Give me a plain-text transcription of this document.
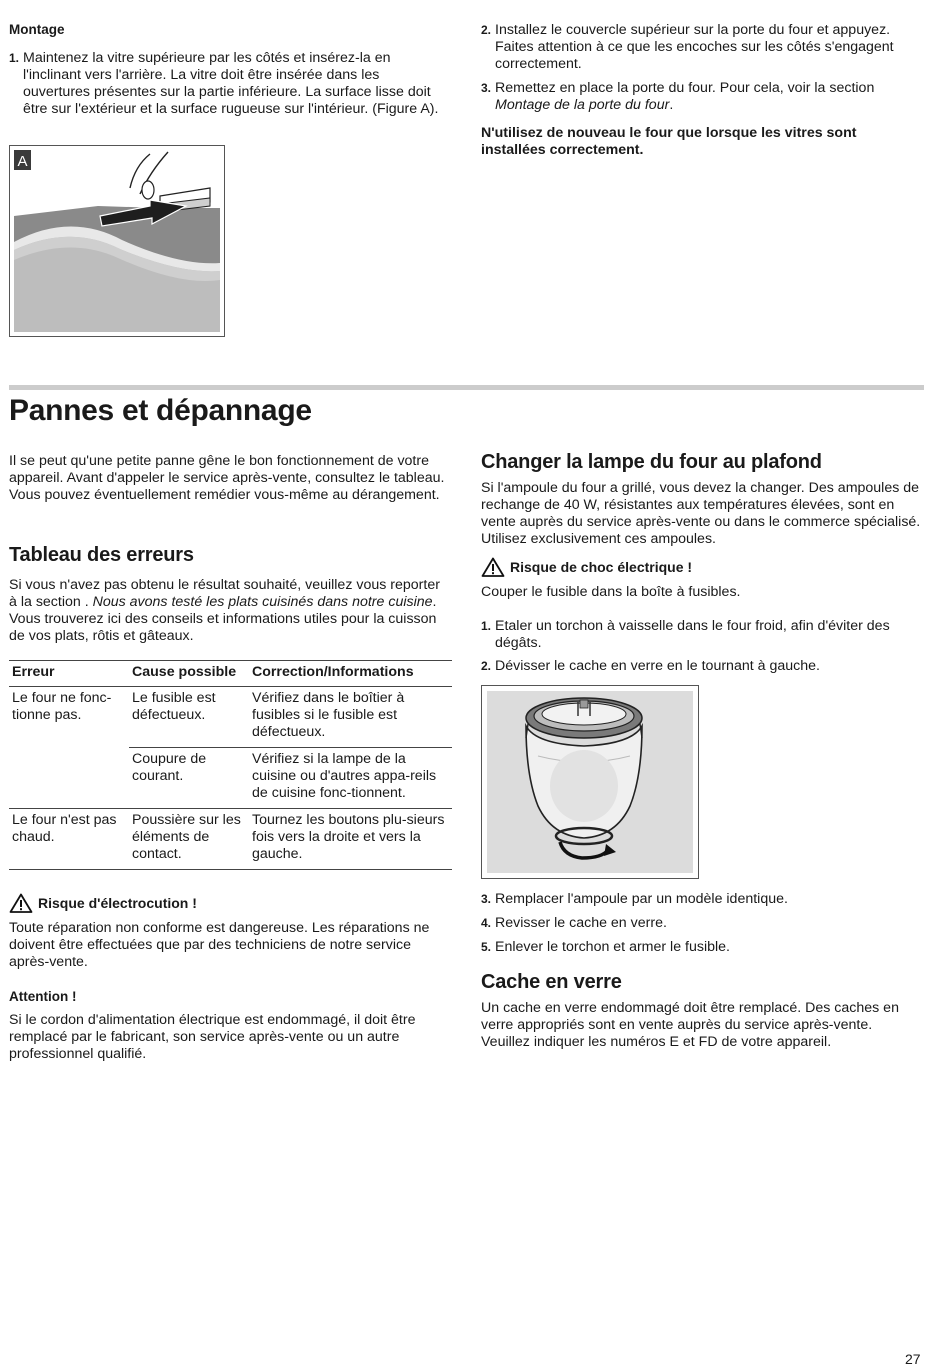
Montage
1. Maintenez la vitre supérieure par les côtés et insérez-la en l'inclinant vers l'arrière. La vitre doit être insérée dans les ouvertures présentes sur la partie inférieure. La surface lisse doit être sur l'extérieur et la surface rugueuse sur l'intérieur. (Figure A).
A
2. Installez le couvercle supérieur sur la porte du four et appuyez. Faites attention à ce que les encoches sur les côtés s'engagent correctement.
3. Remettez en place la porte du four. Pour cela, voir la section Montage de la porte du four.

N'utilisez de nouveau le four que lorsque les vitres sont installées correctement.

Pannes et dépannage

Il se peut qu'une petite panne gêne le bon fonctionnement de votre appareil. Avant d'appeler le service après-vente, consultez le tableau. Vous pouvez éventuellement remédier vous-même au dérangement.

Tableau des erreurs

Si vous n'avez pas obtenu le résultat souhaité, veuillez vous reporter à la section . Nous avons testé les plats cuisinés dans notre cuisine. Vous trouverez ici des conseils et informations utiles pour la cuisson de vos plats, rôtis et gâteaux.

Erreur	Cause possible	Correction/Informations
Le four ne fonc-tionne pas.	Le fusible est défectueux.	Vérifiez dans le boîtier à fusibles si le fusible est défectueux.
	Coupure de courant.	Vérifiez si la lampe de la cuisine ou d'autres appa-reils de cuisine fonc-tionnent.
Le four n'est pas chaud.	Poussière sur les éléments de contact.	Tournez les boutons plu-sieurs fois vers la droite et vers la gauche.
Risque d'électrocution !

Toute réparation non conforme est dangereuse. Les réparations ne doivent être effectuées que par des techniciens de notre service après-vente.

Attention !

Si le cordon d'alimentation électrique est endommagé, il doit être remplacé par le fabricant, son service après-vente ou un autre professionnel qualifié.

Changer la lampe du four au plafond

Si l'ampoule du four a grillé, vous devez la changer. Des ampoules de rechange de 40 W, résistantes aux températures élevées, sont en vente auprès du service après-vente ou dans le commerce spécialisé. Utilisez exclusivement ces ampoules.

Risque de choc électrique !

Couper le fusible dans la boîte à fusibles.

1. Etaler un torchon à vaisselle dans le four froid, afin d'éviter des dégâts.
2. Dévisser le cache en verre en le tournant à gauche.
3. Remplacer l'ampoule par un modèle identique.
4. Revisser le cache en verre.
5. Enlever le torchon et armer le fusible.
Cache en verre

Un cache en verre endommagé doit être remplacé. Des caches en verre appropriés sont en vente auprès du service après-vente. Veuillez indiquer les numéros E et FD de votre appareil.

27
